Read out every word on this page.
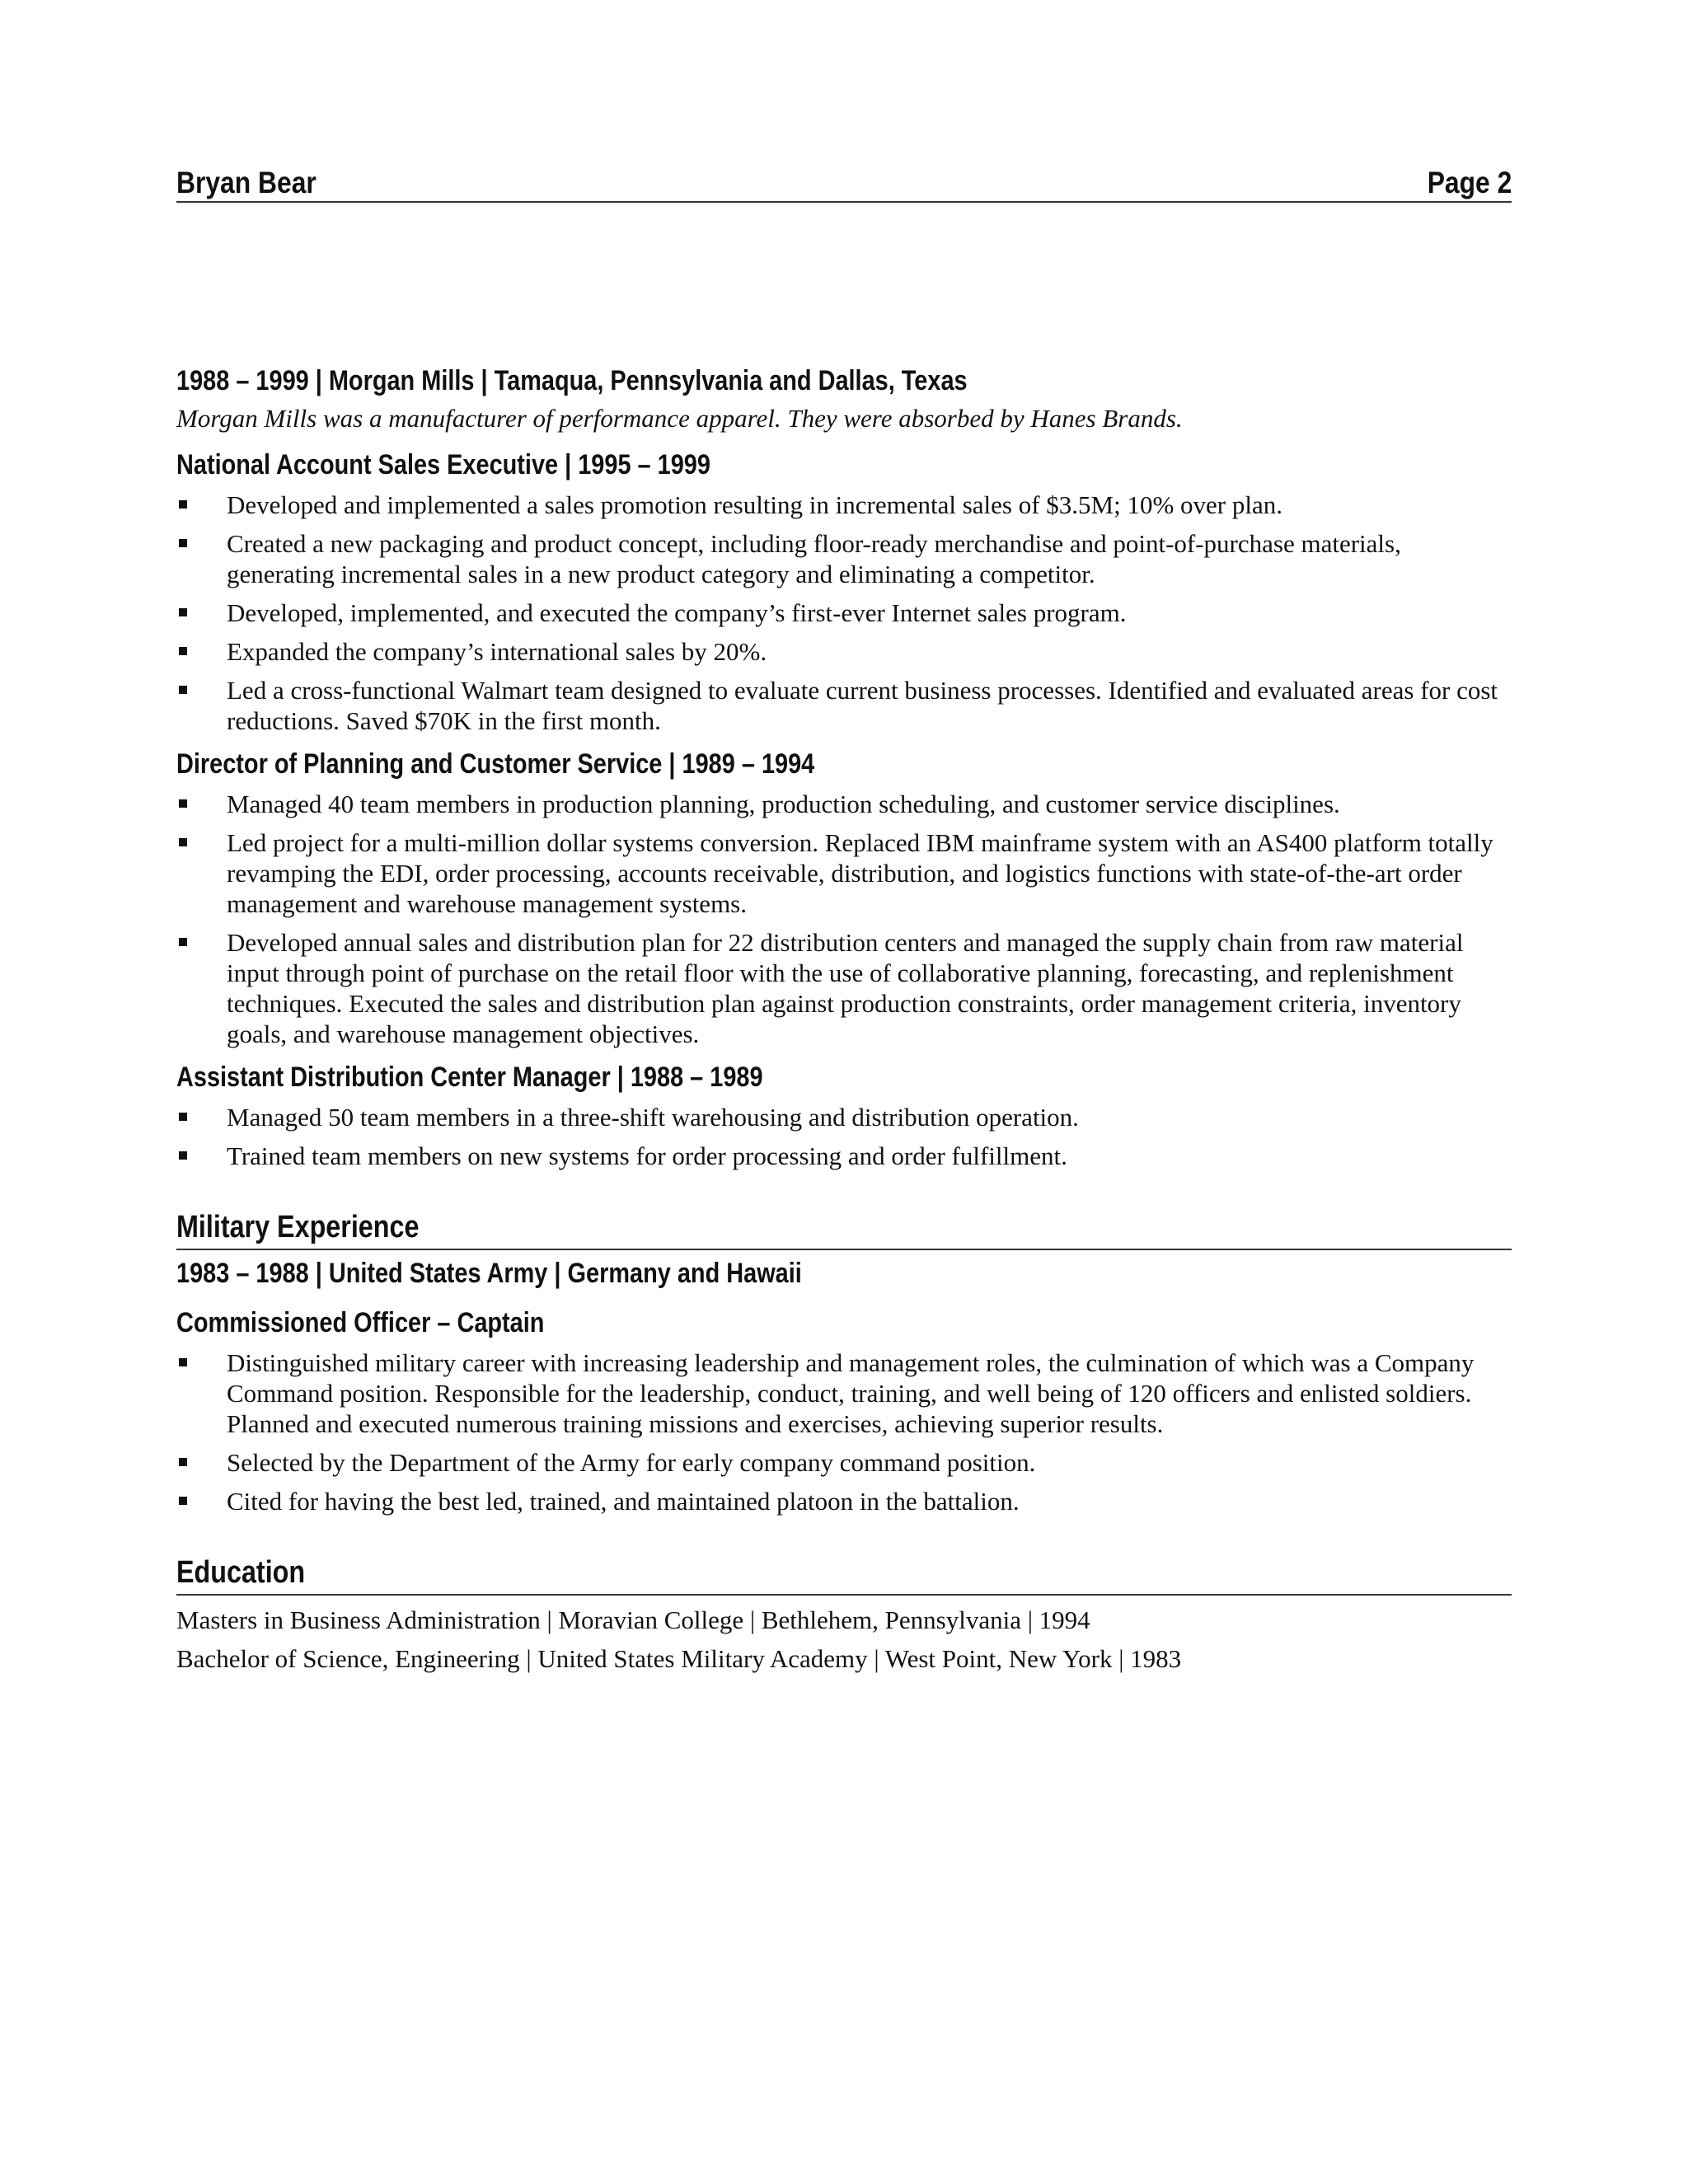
Bryan Bear	Page 2
1988 – 1999 | Morgan Mills | Tamaqua, Pennsylvania and Dallas, Texas
Morgan Mills was a manufacturer of performance apparel. They were absorbed by Hanes Brands.
National Account Sales Executive | 1995 – 1999
Developed and implemented a sales promotion resulting in incremental sales of $3.5M; 10% over plan.
Created a new packaging and product concept, including floor-ready merchandise and point-of-purchase materials, generating incremental sales in a new product category and eliminating a competitor.
Developed, implemented, and executed the company’s first-ever Internet sales program.
Expanded the company’s international sales by 20%.
Led a cross-functional Walmart team designed to evaluate current business processes. Identified and evaluated areas for cost reductions. Saved $70K in the first month.
Director of Planning and Customer Service | 1989 – 1994
Managed 40 team members in production planning, production scheduling, and customer service disciplines.
Led project for a multi-million dollar systems conversion. Replaced IBM mainframe system with an AS400 platform totally revamping the EDI, order processing, accounts receivable, distribution, and logistics functions with state-of-the-art order management and warehouse management systems.
Developed annual sales and distribution plan for 22 distribution centers and managed the supply chain from raw material input through point of purchase on the retail floor with the use of collaborative planning, forecasting, and replenishment techniques. Executed the sales and distribution plan against production constraints, order management criteria, inventory goals, and warehouse management objectives.
Assistant Distribution Center Manager | 1988 – 1989
Managed 50 team members in a three-shift warehousing and distribution operation.
Trained team members on new systems for order processing and order fulfillment.
Military Experience
1983 – 1988 | United States Army | Germany and Hawaii
Commissioned Officer – Captain
Distinguished military career with increasing leadership and management roles, the culmination of which was a Company Command position. Responsible for the leadership, conduct, training, and well being of 120 officers and enlisted soldiers. Planned and executed numerous training missions and exercises, achieving superior results.
Selected by the Department of the Army for early company command position.
Cited for having the best led, trained, and maintained platoon in the battalion.
Education
Masters in Business Administration | Moravian College | Bethlehem, Pennsylvania | 1994
Bachelor of Science, Engineering | United States Military Academy | West Point, New York | 1983
